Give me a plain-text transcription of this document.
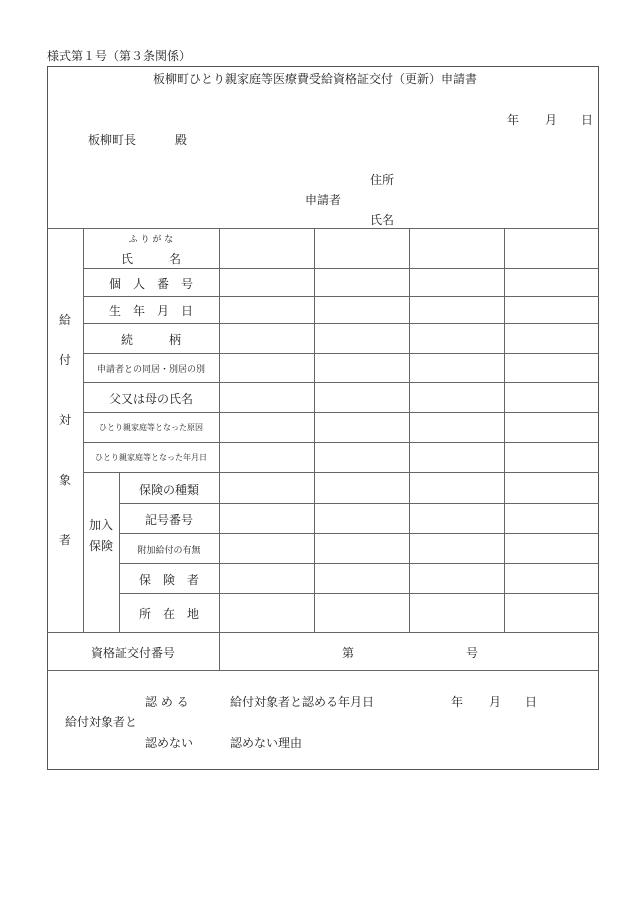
様式第１号（第３条関係）
板柳町ひとり親家庭等医療費受給資格証交付（更新）申請書
年 月 日
板柳町長	殿
住所
申請者
氏名
給
付
対
象
者
ふ り が な
氏　　　名
個　人　番　号
生　年　月　日
続　　　柄
申請者との同居・別居の別
父又は母の氏名
ひとり親家庭等となった原因
ひとり親家庭等となった年月日
加入
保険
保険の種類
記号番号
附加給付の有無
保　険　者
所　在　地
資格証交付番号	第	号
認 め る	給付対象者と認める年月日	年 月 日
給付対象者と
認めない	認めない理由
